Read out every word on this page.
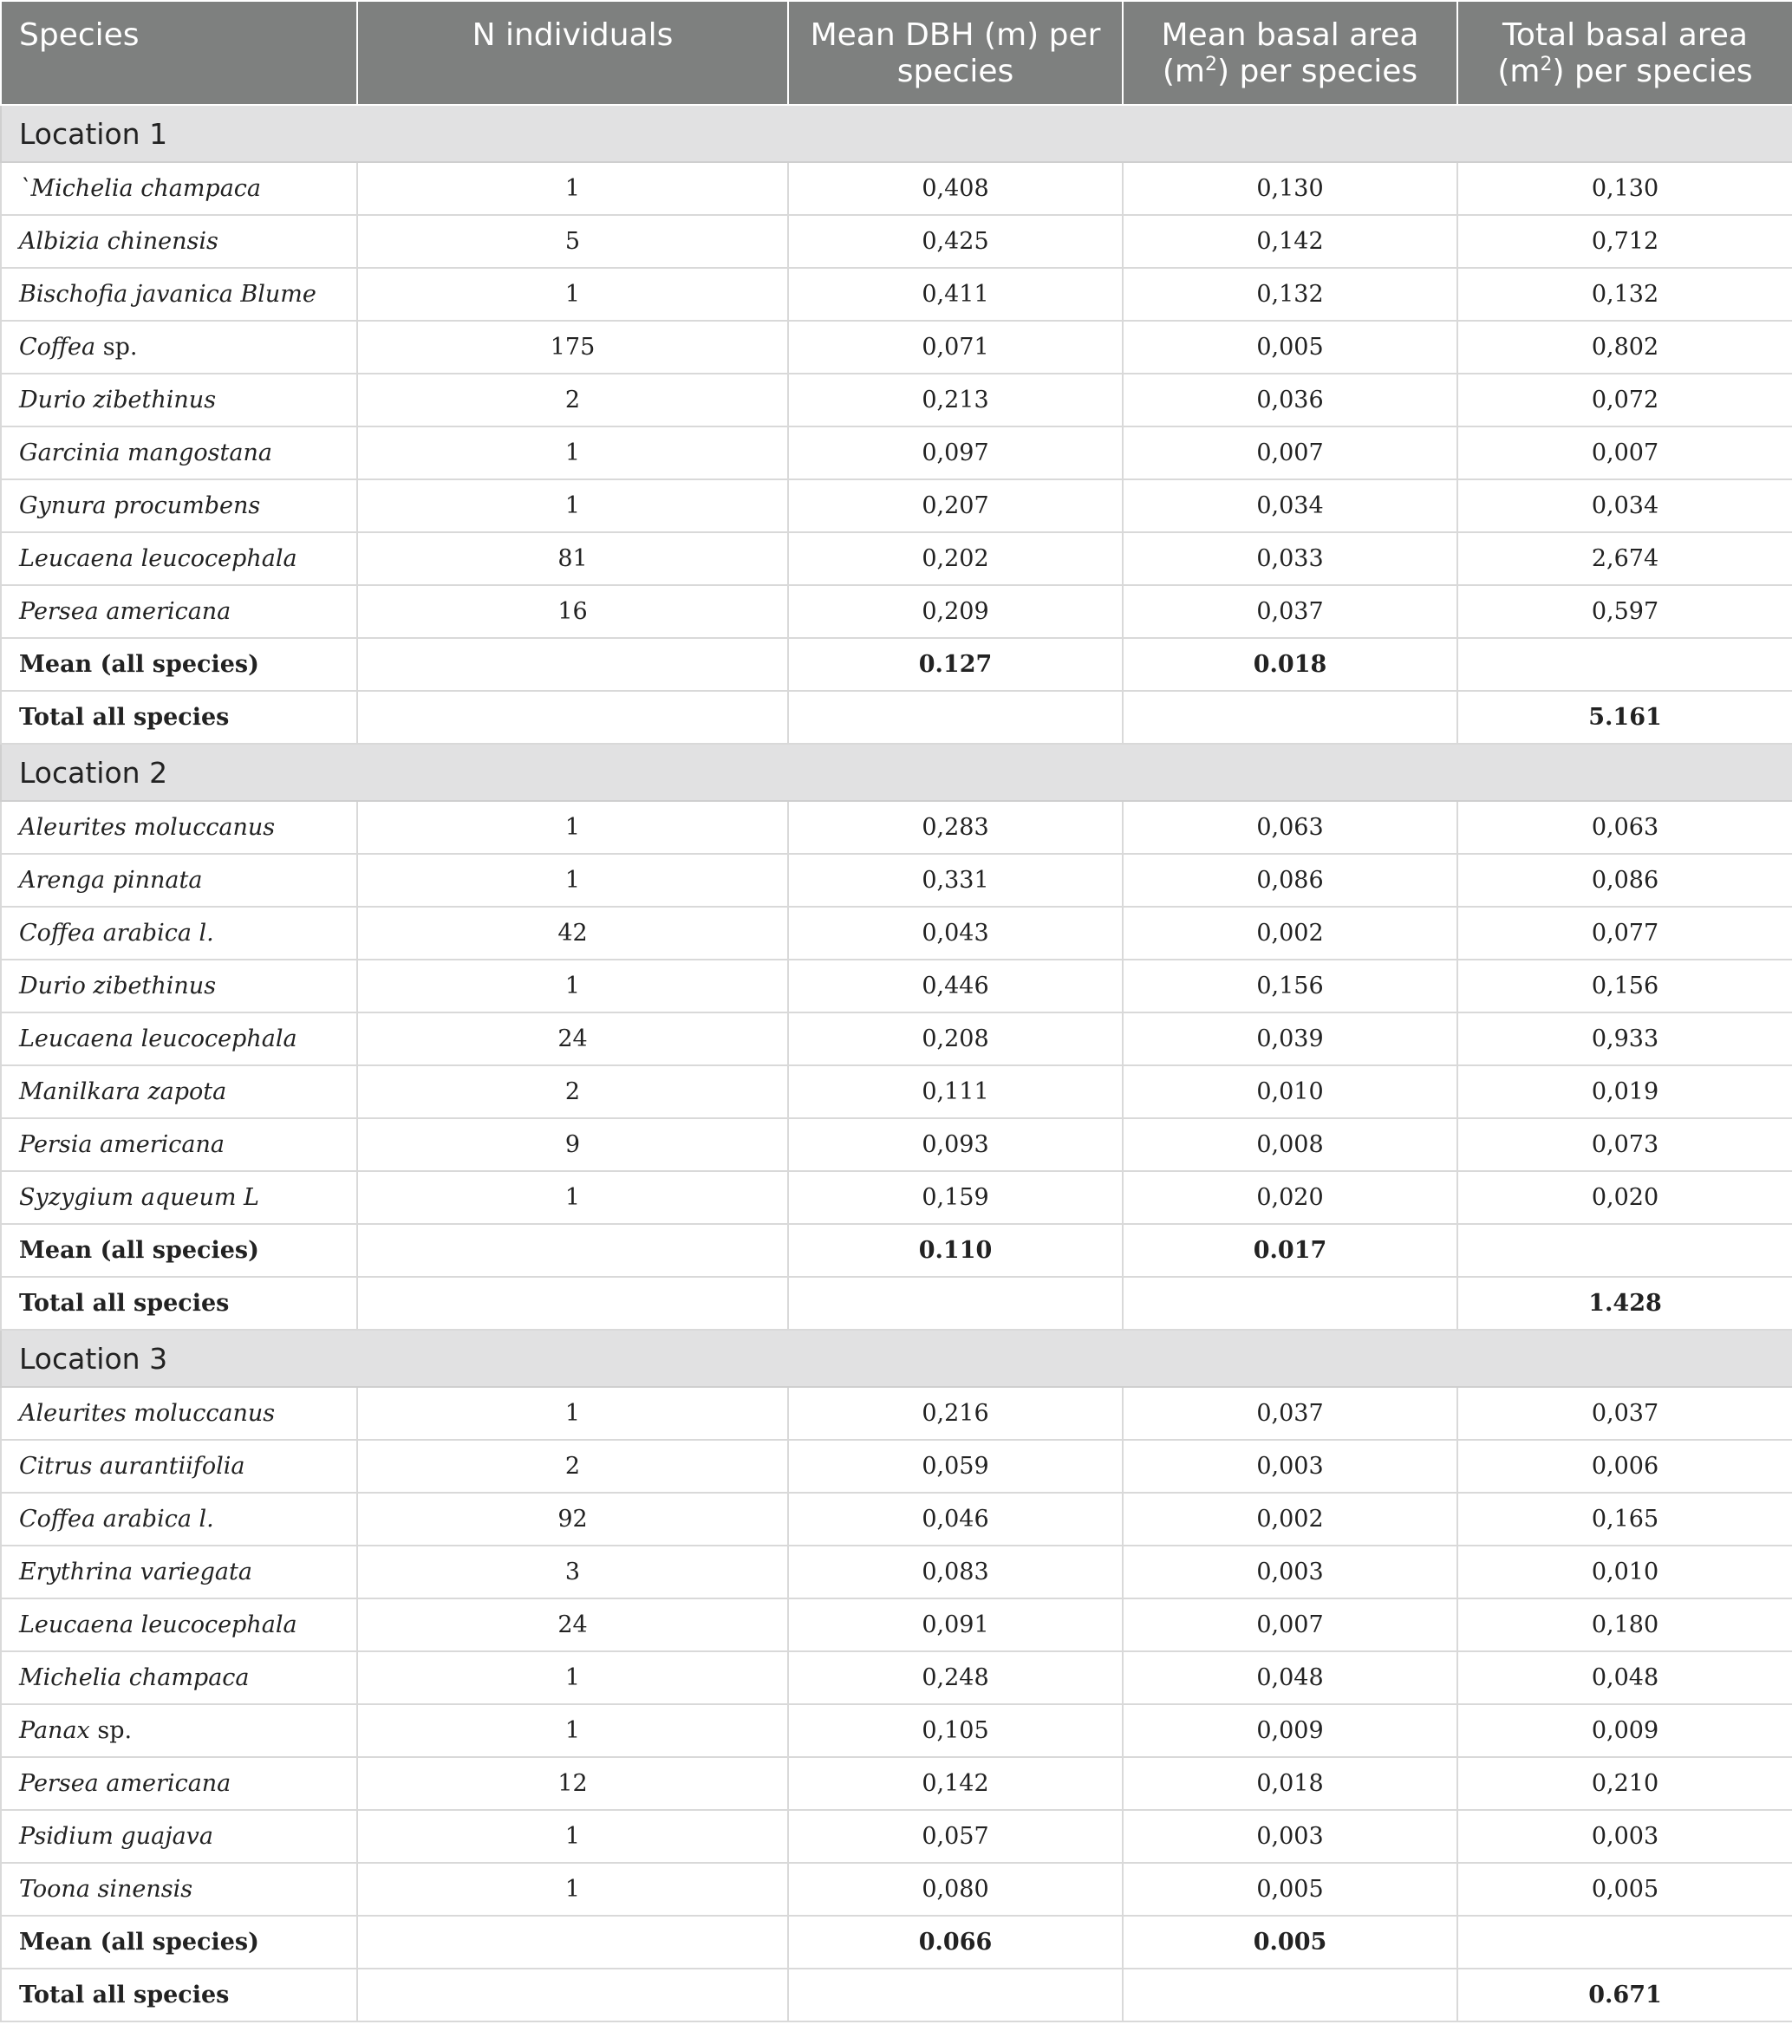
Species	N individuals	Mean DBH (m) per species	Mean basal area $(m^2)$ per species	Total basal area $(m^2)$ per species
Location 1				
`Michelia champaca	1	0,408	0,130	0,130
Albizia chinensis	5	0,425	0,142	0,712
Bischofia javanica Blume	1	0,411	0,132	0,132
Coffea sp.	175	0,071	0,005	0,802
Durio zibethinus	2	0,213	0,036	0,072
Garcinia mangostana	1	0,097	0,007	0,007
Gynura procumbens	1	0,207	0,034	0,034
Leucaena leucocephala	81	0,202	0,033	2,674
Persea americana	16	0,209	0,037	0,597
Mean (all species)		0.127	0.018	
Total all species				5.161
Location 2				
Aleurites moluccanus	1	0,283	0,063	0,063
Arenga pinnata	1	0,331	0,086	0,086
Coffea arabica l.	42	0,043	0,002	0,077
Durio zibethinus	1	0,446	0,156	0,156
Leucaena leucocephala	24	0,208	0,039	0,933
Manilkara zapota	2	0,111	0,010	0,019
Persia americana	9	0,093	0,008	0,073
Syzygium aqueum L	1	0,159	0,020	0,020
Mean (all species)		0.110	0.017	
Total all species				1.428
Location 3				
Aleurites moluccanus	1	0,216	0,037	0,037
Citrus aurantiifolia	2	0,059	0,003	0,006
Coffea arabica l.	92	0,046	0,002	0,165
Erythrina variegata	3	0,083	0,003	0,010
Leucaena leucocephala	24	0,091	0,007	0,180
Michelia champaca	1	0,248	0,048	0,048
Panax sp.	1	0,105	0,009	0,009
Persea americana	12	0,142	0,018	0,210
Psidium guajava	1	0,057	0,003	0,003
Toona sinensis	1	0,080	0,005	0,005
Mean (all species)		0.066	0.005	
Total all species				0.671
